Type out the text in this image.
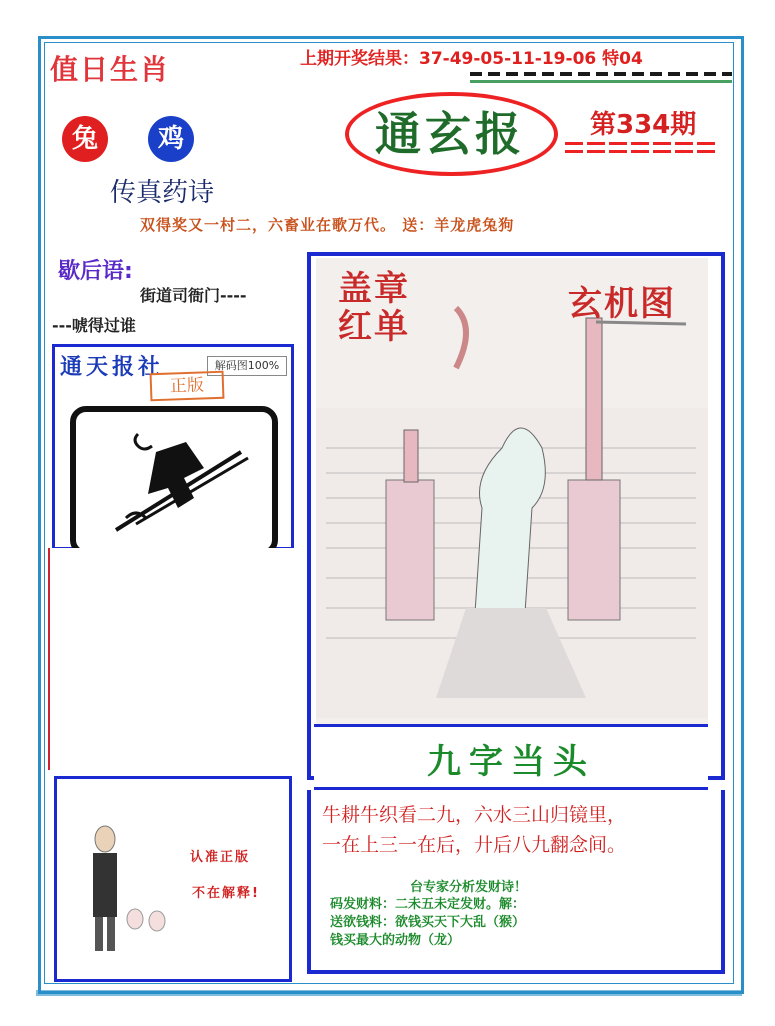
值日生肖	上期开奖结果：37-49-05-11-19-06 特04
通玄报	第334期
兔	鸡
传真药诗
双得奖又一村二，六畜业在歌万代。 送：羊龙虎兔狗
歇后语:
街道司衙门----
---唬得过谁
通天报社	解码图100%
正版
认准正版
不在解释!
盖章
红单
玄机图
九字当头
牛耕牛织看二九，六水三山归镜里，
一在上三一在后，廾后八九翻念间。
台专家分析发财诗！
码发财料：二未五未定发财。解：
送欲钱料：欲钱买天下大乱（猴）
钱买最大的动物（龙）
